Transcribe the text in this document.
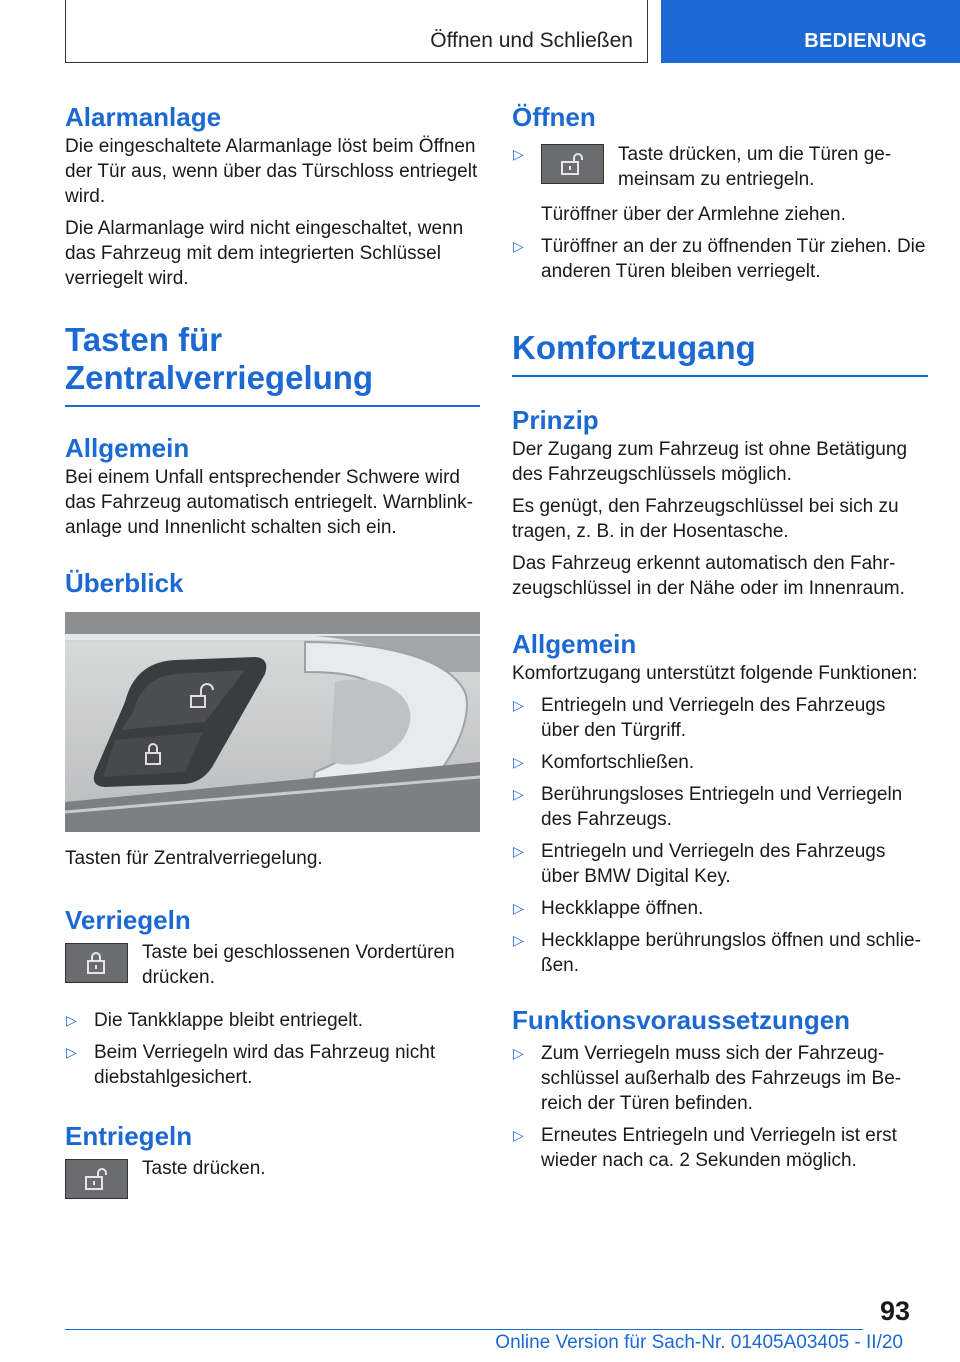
Öffnen und Schließen	BEDIENUNG
Alarmanlage

Die eingeschaltete Alarmanlage löst beim Öffnen der Tür aus, wenn über das Türschloss entriegelt wird.

Die Alarmanlage wird nicht eingeschaltet, wenn das Fahrzeug mit dem integrierten Schlüssel verriegelt wird.

Tasten für
Zentralverriegelung
Allgemein

Bei einem Unfall entsprechender Schwere wird das Fahrzeug automatisch entriegelt. Warnblinkanlage und Innenlicht schalten sich ein.

Überblick

Tasten für Zentralverriegelung.

Verriegeln

Taste bei geschlossenen Vordertüren drücken.

▷ Die Tankklappe bleibt entriegelt.
▷ Beim Verriegeln wird das Fahrzeug nicht diebstahlgesichert.
Entriegeln

Taste drücken.

Öffnen
▷	Taste drücken, um die Türen gemeinsam zu entriegeln.
Türöffner über der Armlehne ziehen.
▷ Türöffner an der zu öffnenden Tür ziehen. Die anderen Türen bleiben verriegelt.
Komfortzugang
Prinzip

Der Zugang zum Fahrzeug ist ohne Betätigung des Fahrzeugschlüssels möglich.

Es genügt, den Fahrzeugschlüssel bei sich zu tragen, z. B. in der Hosentasche.

Das Fahrzeug erkennt automatisch den Fahrzeugschlüssel in der Nähe oder im Innenraum.

Allgemein

Komfortzugang unterstützt folgende Funktionen:

▷ Entriegeln und Verriegeln des Fahrzeugs über den Türgriff.
▷ Komfortschließen.
▷ Berührungsloses Entriegeln und Verriegeln des Fahrzeugs.
▷ Entriegeln und Verriegeln des Fahrzeugs über BMW Digital Key.
▷ Heckklappe öffnen.
▷ Heckklappe berührungslos öffnen und schließen.
Funktionsvoraussetzungen
▷ Zum Verriegeln muss sich der Fahrzeugschlüssel außerhalb des Fahrzeugs im Bereich der Türen befinden.
▷ Erneutes Entriegeln und Verriegeln ist erst wieder nach ca. 2 Sekunden möglich.
93
Online Version für Sach-Nr. 01405A03405 - II/20
